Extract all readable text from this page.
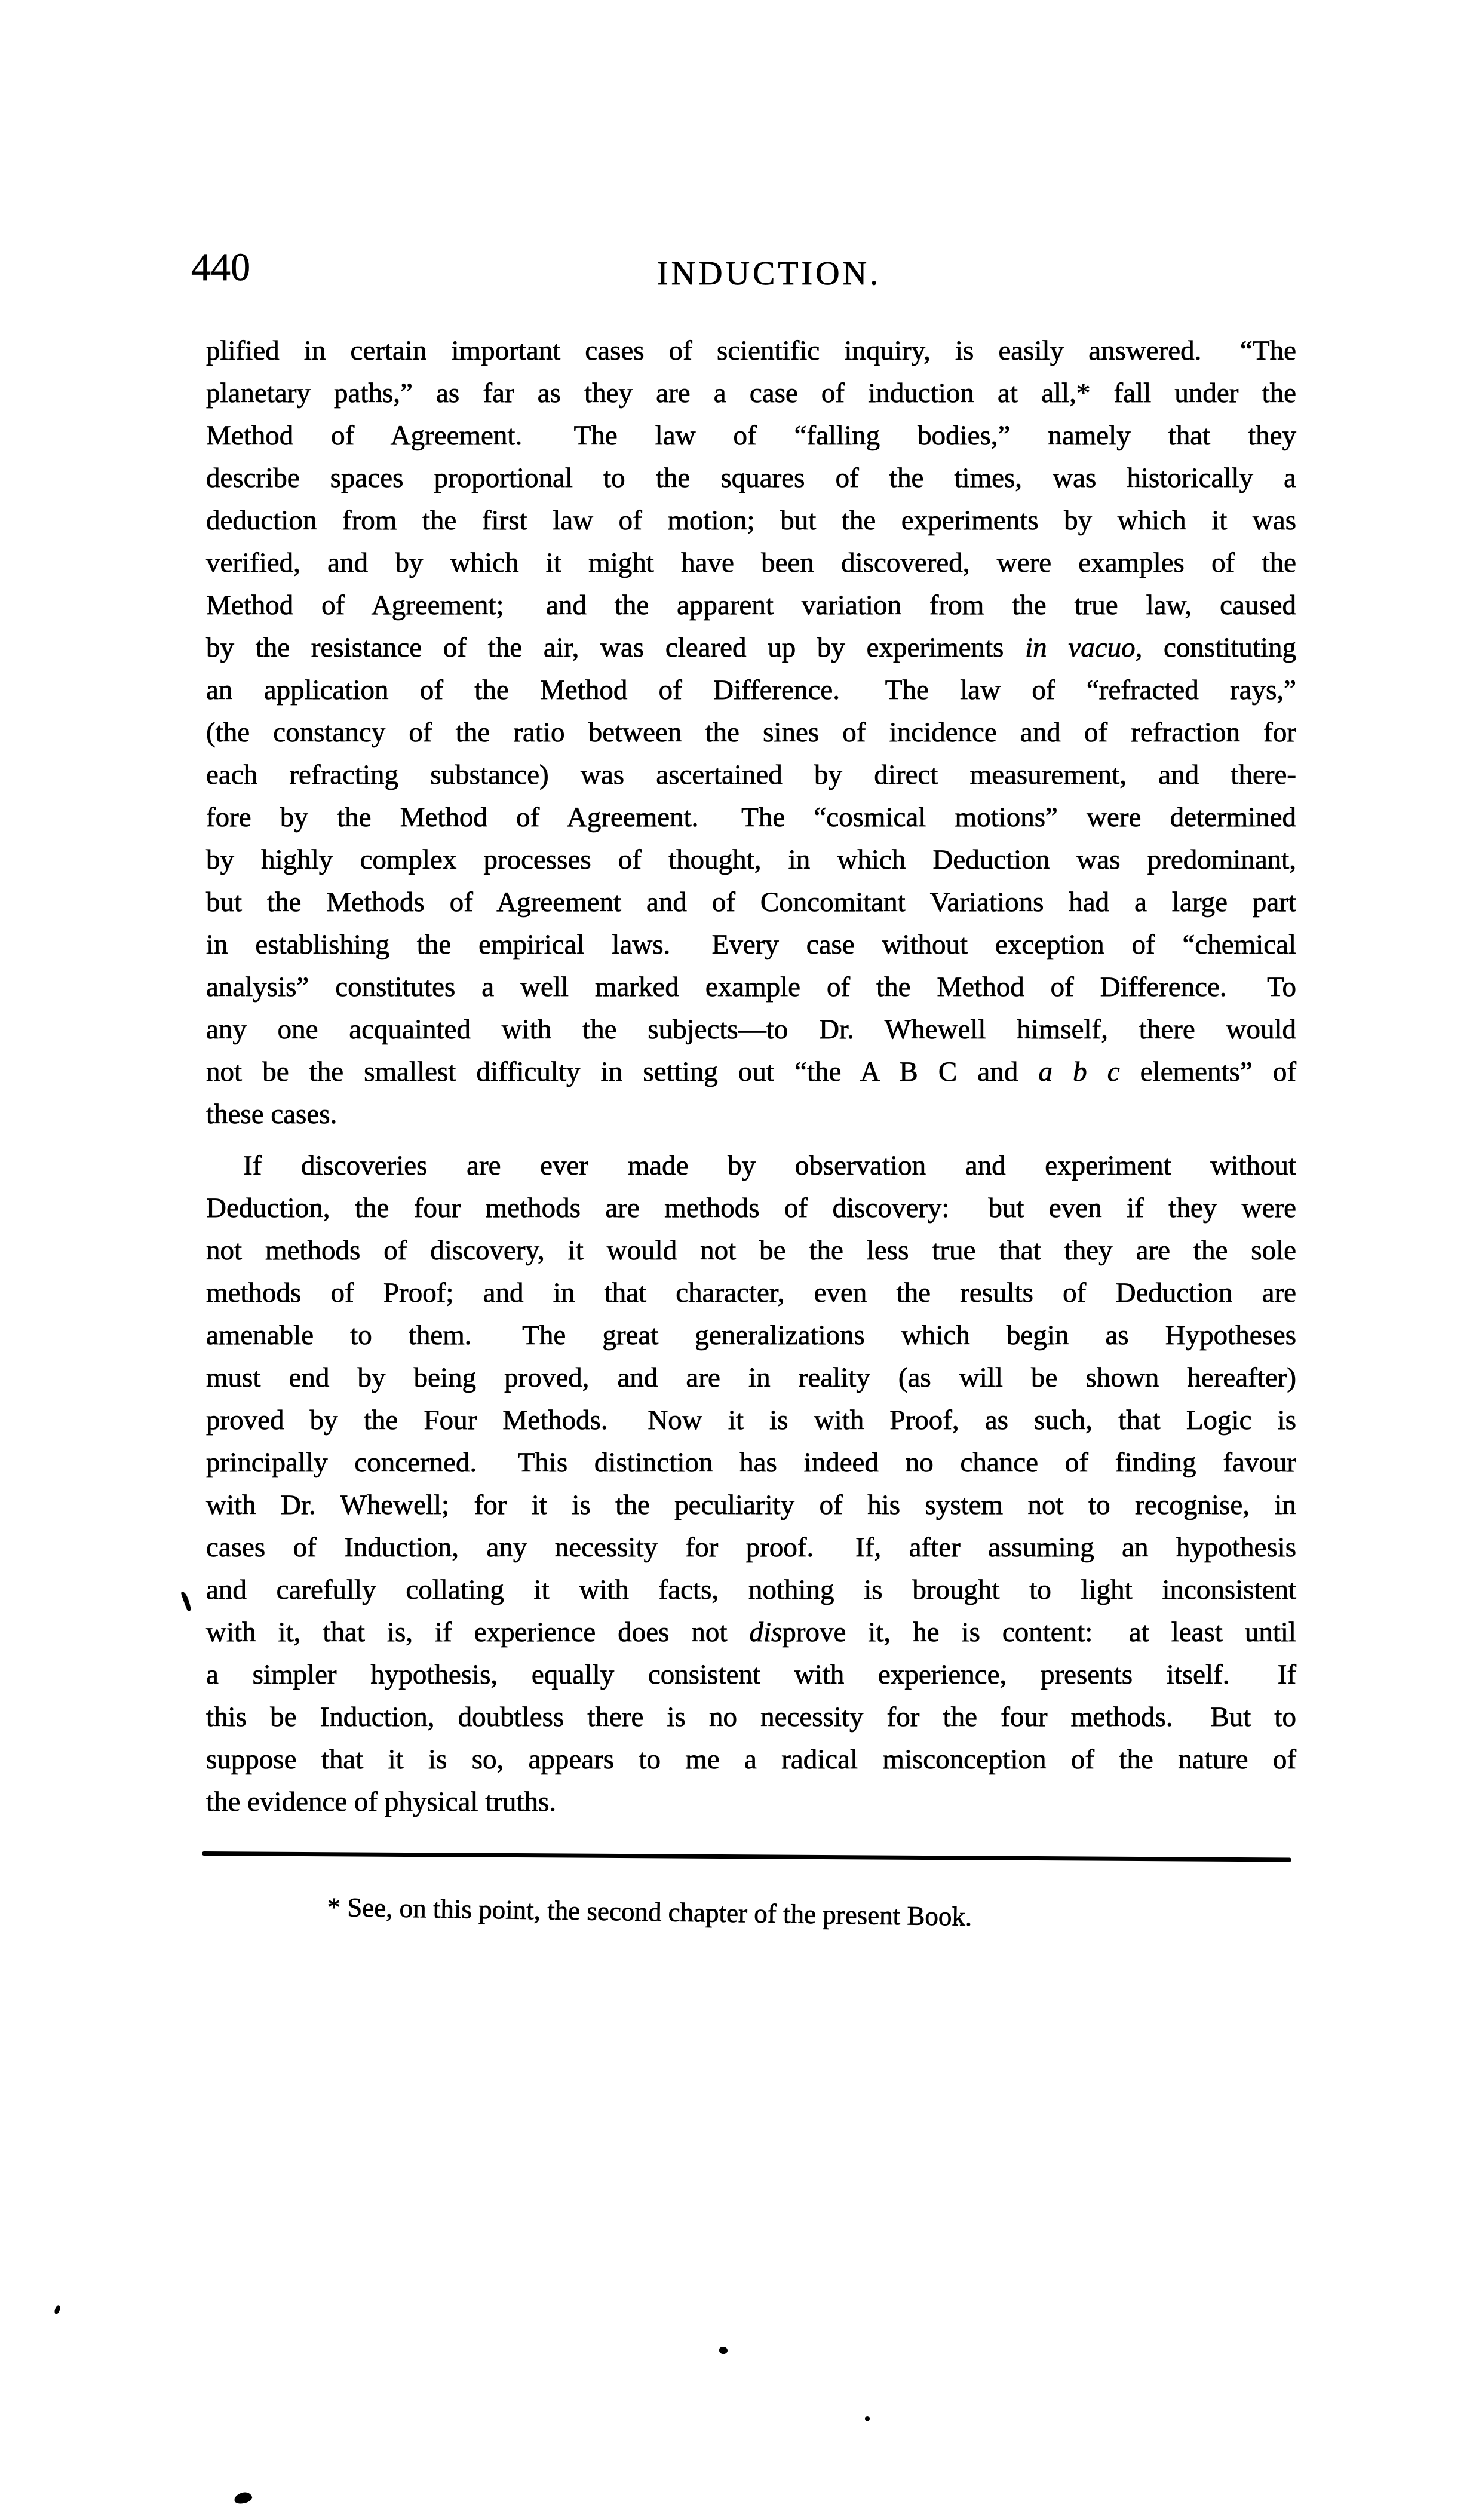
440	INDUCTION.
plified in certain important cases of scientific inquiry, is easily answered.  “The
planetary paths,” as far as they are a case of induction at all,* fall under the
Method of Agreement.  The law of “falling bodies,” namely that they
describe spaces proportional to the squares of the times, was historically a
deduction from the first law of motion; but the experiments by which it was
verified, and by which it might have been discovered, were examples of the
Method of Agreement;  and the apparent variation from the true law, caused
by the resistance of the air, was cleared up by experiments in vacuo, constituting
an application of the Method of Difference.  The law of “refracted rays,”
(the constancy of the ratio between the sines of incidence and of refraction for
each refracting substance) was ascertained by direct measurement, and there-
fore by the Method of Agreement.  The “cosmical motions” were determined
by highly complex processes of thought, in which Deduction was predominant,
but the Methods of Agreement and of Concomitant Variations had a large part
in establishing the empirical laws.  Every case without exception of “chemical
analysis” constitutes a well marked example of the Method of Difference.  To
any one acquainted with the subjects—to Dr. Whewell himself, there would
not be the smallest difficulty in setting out “the A B C and a b c elements” of
these cases.
If discoveries are ever made by observation and experiment without
Deduction, the four methods are methods of discovery:  but even if they were
not methods of discovery, it would not be the less true that they are the sole
methods of Proof; and in that character, even the results of Deduction are
amenable to them.  The great generalizations which begin as Hypotheses
must end by being proved, and are in reality (as will be shown hereafter)
proved by the Four Methods.  Now it is with Proof, as such, that Logic is
principally concerned.  This distinction has indeed no chance of finding favour
with Dr. Whewell; for it is the peculiarity of his system not to recognise, in
cases of Induction, any necessity for proof.  If, after assuming an hypothesis
and carefully collating it with facts, nothing is brought to light inconsistent
with it, that is, if experience does not disprove it, he is content:  at least until
a simpler hypothesis, equally consistent with experience, presents itself.  If
this be Induction, doubtless there is no necessity for the four methods.  But to
suppose that it is so, appears to me a radical misconception of the nature of
the evidence of physical truths.
* See, on this point, the second chapter of the present Book.
